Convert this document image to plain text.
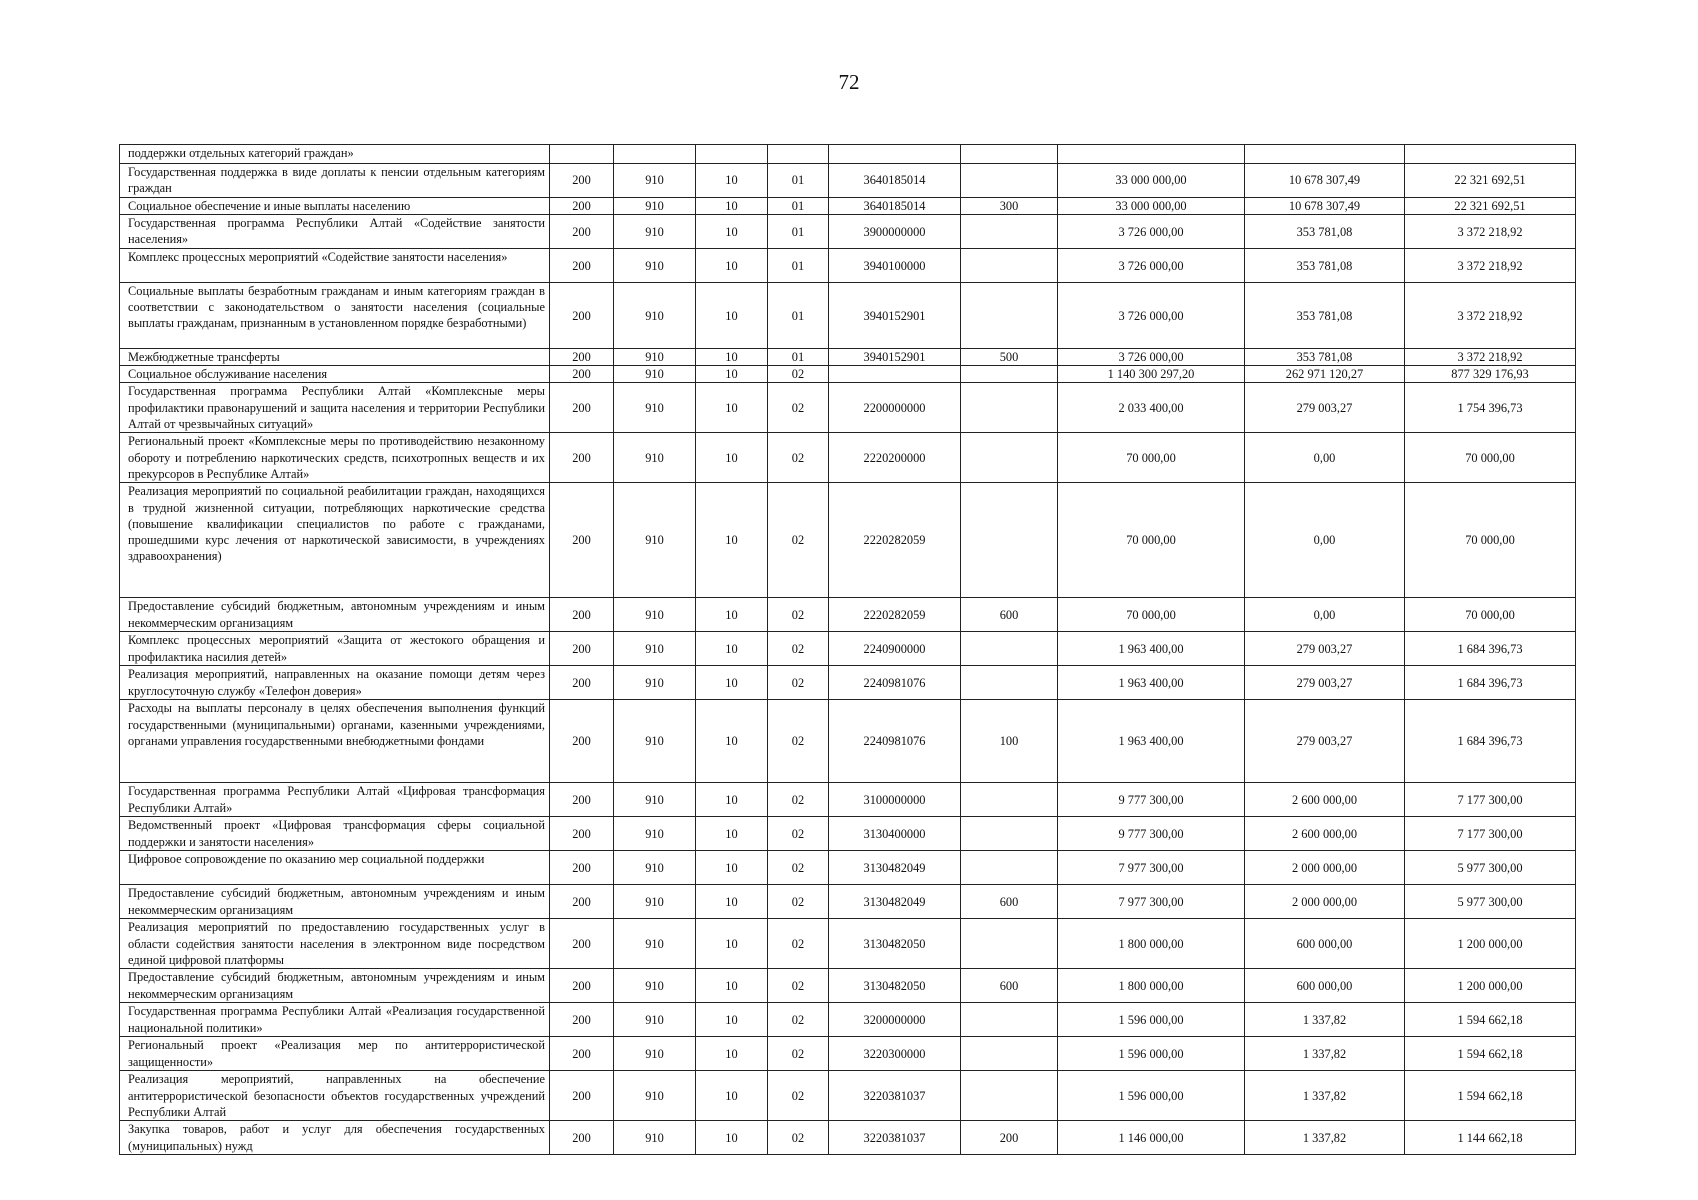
72
поддержки отдельных категорий граждан»									
Государственная поддержка в виде доплаты к пенсии отдельным категориям граждан	200	910	10	01	3640185014		33 000 000,00	10 678 307,49	22 321 692,51
Социальное обеспечение и иные выплаты населению	200	910	10	01	3640185014	300	33 000 000,00	10 678 307,49	22 321 692,51
Государственная программа Республики Алтай «Содействие занятости населения»	200	910	10	01	3900000000		3 726 000,00	353 781,08	3 372 218,92
Комплекс процессных мероприятий «Содействие занятости населения»	200	910	10	01	3940100000		3 726 000,00	353 781,08	3 372 218,92
Социальные выплаты безработным гражданам и иным категориям граждан в соответствии с законодательством о занятости населения (социальные выплаты гражданам, признанным в установленном порядке безработными)	200	910	10	01	3940152901		3 726 000,00	353 781,08	3 372 218,92
Межбюджетные трансферты	200	910	10	01	3940152901	500	3 726 000,00	353 781,08	3 372 218,92
Социальное обслуживание населения	200	910	10	02			1 140 300 297,20	262 971 120,27	877 329 176,93
Государственная программа Республики Алтай «Комплексные меры профилактики правонарушений и защита населения и территории Республики Алтай от чрезвычайных ситуаций»	200	910	10	02	2200000000		2 033 400,00	279 003,27	1 754 396,73
Региональный проект «Комплексные меры по противодействию незаконному обороту и потреблению наркотических средств, психотропных веществ и их прекурсоров в Республике Алтай»	200	910	10	02	2220200000		70 000,00	0,00	70 000,00
Реализация мероприятий по социальной реабилитации граждан, находящихся в трудной жизненной ситуации, потребляющих наркотические средства (повышение квалификации специалистов по работе с гражданами, прошедшими курс лечения от наркотической зависимости, в учреждениях здравоохранения)	200	910	10	02	2220282059		70 000,00	0,00	70 000,00
Предоставление субсидий бюджетным, автономным учреждениям и иным некоммерческим организациям	200	910	10	02	2220282059	600	70 000,00	0,00	70 000,00
Комплекс процессных мероприятий «Защита от жестокого обращения и профилактика насилия детей»	200	910	10	02	2240900000		1 963 400,00	279 003,27	1 684 396,73
Реализация мероприятий, направленных на оказание помощи детям через круглосуточную службу «Телефон доверия»	200	910	10	02	2240981076		1 963 400,00	279 003,27	1 684 396,73
Расходы на выплаты персоналу в целях обеспечения выполнения функций государственными (муниципальными) органами, казенными учреждениями, органами управления государственными внебюджетными фондами	200	910	10	02	2240981076	100	1 963 400,00	279 003,27	1 684 396,73
Государственная программа Республики Алтай «Цифровая трансформация Республики Алтай»	200	910	10	02	3100000000		9 777 300,00	2 600 000,00	7 177 300,00
Ведомственный проект «Цифровая трансформация сферы социальной поддержки и занятости населения»	200	910	10	02	3130400000		9 777 300,00	2 600 000,00	7 177 300,00
Цифровое сопровождение по оказанию мер социальной поддержки	200	910	10	02	3130482049		7 977 300,00	2 000 000,00	5 977 300,00
Предоставление субсидий бюджетным, автономным учреждениям и иным некоммерческим организациям	200	910	10	02	3130482049	600	7 977 300,00	2 000 000,00	5 977 300,00
Реализация мероприятий по предоставлению государственных услуг в области содействия занятости населения в электронном виде посредством единой цифровой платформы	200	910	10	02	3130482050		1 800 000,00	600 000,00	1 200 000,00
Предоставление субсидий бюджетным, автономным учреждениям и иным некоммерческим организациям	200	910	10	02	3130482050	600	1 800 000,00	600 000,00	1 200 000,00
Государственная программа Республики Алтай «Реализация государственной национальной политики»	200	910	10	02	3200000000		1 596 000,00	1 337,82	1 594 662,18
Региональный проект «Реализация мер по антитеррористической защищенности»	200	910	10	02	3220300000		1 596 000,00	1 337,82	1 594 662,18
Реализация мероприятий, направленных на обеспечение антитеррористической безопасности объектов государственных учреждений Республики Алтай	200	910	10	02	3220381037		1 596 000,00	1 337,82	1 594 662,18
Закупка товаров, работ и услуг для обеспечения государственных (муниципальных) нужд	200	910	10	02	3220381037	200	1 146 000,00	1 337,82	1 144 662,18
